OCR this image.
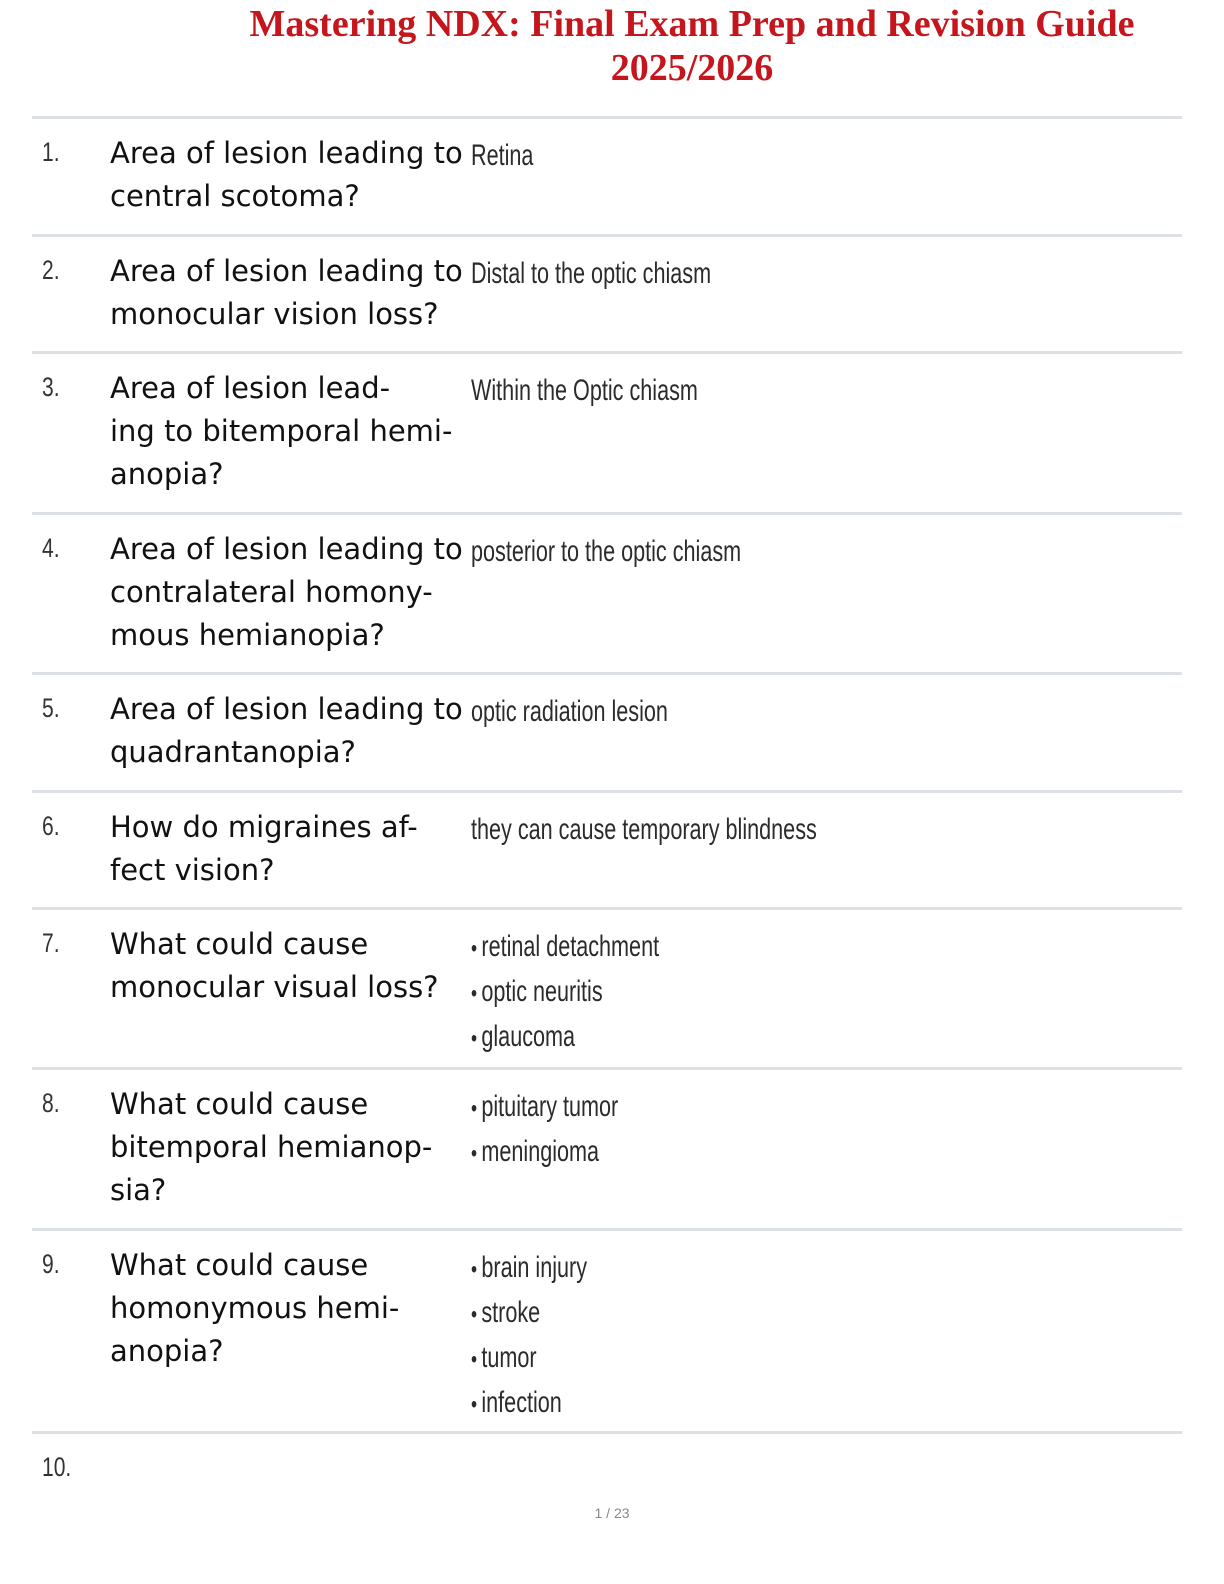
Mastering NDX: Final Exam Prep and Revision Guide
2025/2026
1. Area of lesion leading to
central scotoma?
Retina
2. Area of lesion leading to
monocular vision loss?
Distal to the optic chiasm
3. Area of lesion lead-
ing to bitemporal hemi-
anopia?
Within the Optic chiasm
4. Area of lesion leading to
contralateral homony-
mous hemianopia?
posterior to the optic chiasm
5. Area of lesion leading to
quadrantanopia?
optic radiation lesion
6. How do migraines af-
fect vision?
they can cause temporary blindness
7. What could cause
monocular visual loss?
• retinal detachment
• optic neuritis
• glaucoma
8. What could cause
bitemporal hemianop-
sia?
• pituitary tumor
• meningioma
9. What could cause
homonymous hemi-
anopia?
• brain injury
• stroke
• tumor
• infection
10.
1 / 23
